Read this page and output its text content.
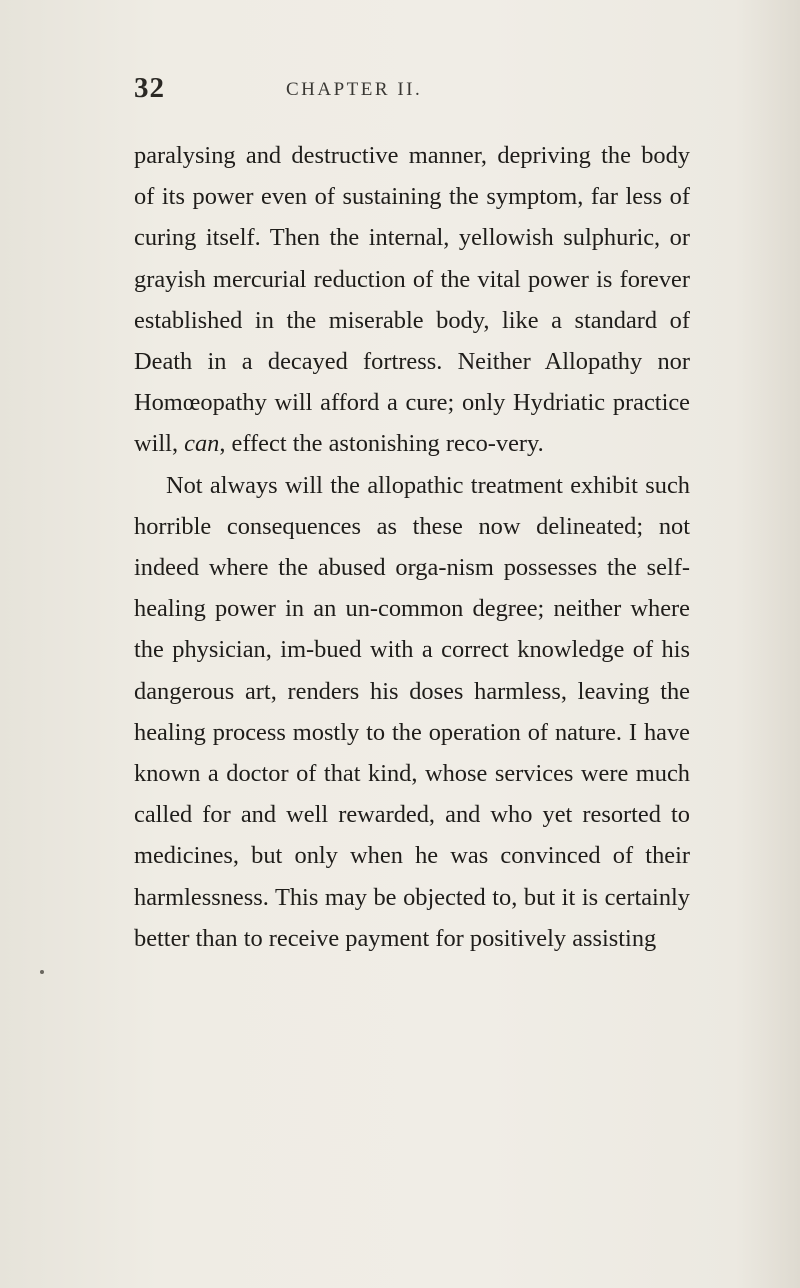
32	CHAPTER II.

paralysing and destructive manner, depriving the body of its power even of sustaining the symptom, far less of curing itself. Then the internal, yellowish sulphuric, or grayish mercurial reduction of the vital power is forever established in the miserable body, like a standard of Death in a decayed fortress. Neither Allopathy nor Homœopathy will afford a cure; only Hydriatic practice will, can, effect the astonishing reco-very.

Not always will the allopathic treatment exhibit such horrible consequences as these now delineated; not indeed where the abused orga-nism possesses the self-healing power in an un-common degree; neither where the physician, im-bued with a correct knowledge of his dangerous art, renders his doses harmless, leaving the healing process mostly to the operation of nature. I have known a doctor of that kind, whose services were much called for and well rewarded, and who yet resorted to medicines, but only when he was convinced of their harmlessness. This may be objected to, but it is certainly better than to receive payment for positively assisting
